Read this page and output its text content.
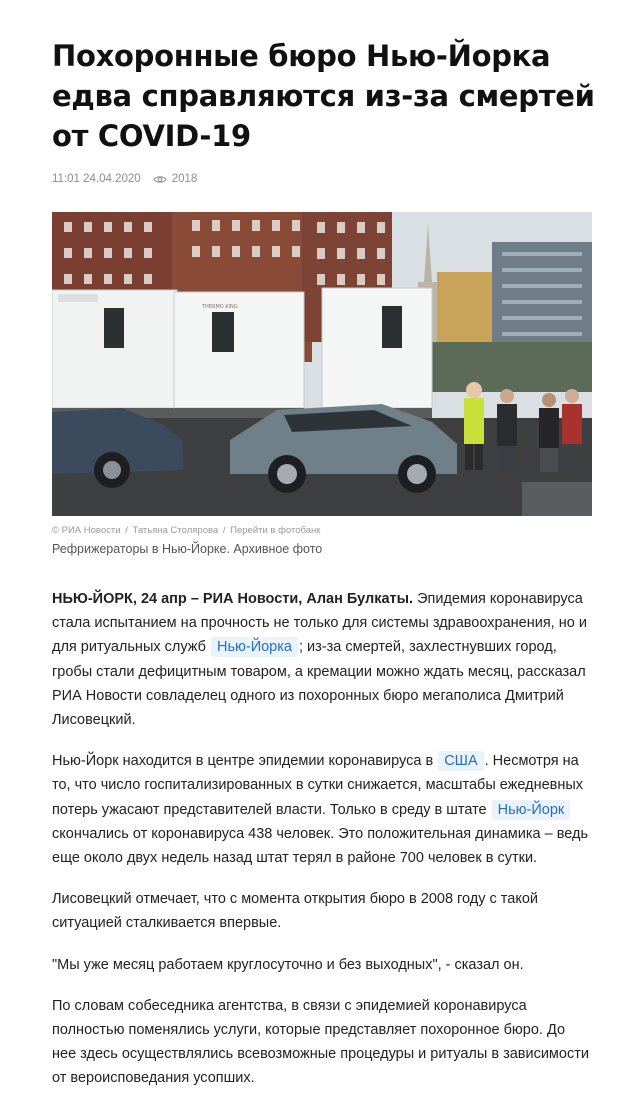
Похоронные бюро Нью-Йорка едва справляются из-за смертей от COVID-19
11:01 24.04.2020	2018
THERMO KING
© РИА Новости / Татьяна Столярова / Перейти в фотобанк
Рефрижераторы в Нью-Йорке. Архивное фото

НЬЮ-ЙОРК, 24 апр – РИА Новости, Алан Булкаты. Эпидемия коронавируса стала испытанием на прочность не только для системы здравоохранения, но и для ритуальных служб Нью-Йорка ; из-за смертей, захлестнувших город, гробы стали дефицитным товаром, а кремации можно ждать месяц, рассказал РИА Новости совладелец одного из похоронных бюро мегаполиса Дмитрий Лисовецкий.

Нью-Йорк находится в центре эпидемии коронавируса в США . Несмотря на то, что число госпитализированных в сутки снижается, масштабы ежедневных потерь ужасают представителей власти. Только в среду в штате Нью-Йорк скончались от коронавируса 438 человек. Это положительная динамика – ведь еще около двух недель назад штат терял в районе 700 человек в сутки.

Лисовецкий отмечает, что с момента открытия бюро в 2008 году с такой ситуацией сталкивается впервые.

"Мы уже месяц работаем круглосуточно и без выходных", - сказал он.

По словам собеседника агентства, в связи с эпидемией коронавируса полностью поменялись услуги, которые представляет похоронное бюро. До нее здесь осуществлялись всевозможные процедуры и ритуалы в зависимости от вероисповедания усопших.
